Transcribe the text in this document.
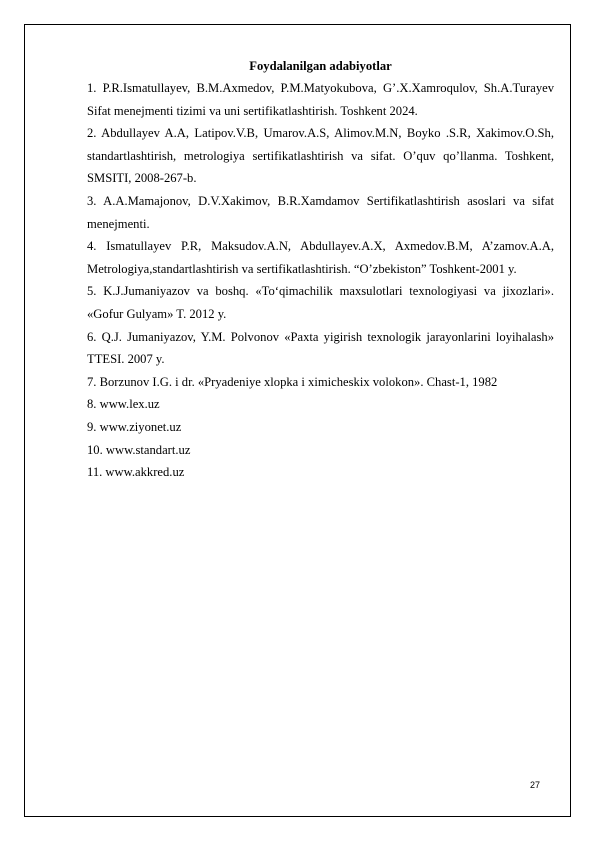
Foydalanilgan adabiyotlar

1. P.R.Ismatullayev, B.M.Axmedov, P.M.Matyokubova, G’.X.Xamroqulov, Sh.A.Turayev Sifat menejmenti tizimi va uni sertifikatlashtirish. Toshkent 2024.

2. Abdullayev A.A, Latipov.V.B, Umarov.A.S, Alimov.M.N, Boyko .S.R, Xakimov.O.Sh, standartlashtirish, metrologiya sertifikatlashtirish va sifat. O’quv qo’llanma. Toshkent, SMSITI, 2008-267-b.

3. A.A.Mamajonov, D.V.Xakimov, B.R.Xamdamov Sertifikatlashtirish asoslari va sifat menejmenti.

4. Ismatullayev P.R, Maksudov.A.N, Abdullayev.A.X, Axmedov.B.M, A’zamov.A.A, Metrologiya,standartlashtirish va sertifikatlashtirish. “O’zbekiston” Toshkent-2001 y.

5. K.J.Jumaniyazov va boshq. «To‘qimachilik maxsulotlari texnologiyasi va jixozlari». «Gofur Gulyam» T. 2012 y.

6. Q.J. Jumaniyazov, Y.M. Polvonov «Paxta yigirish texnologik jarayonlarini loyihalash» TTESI. 2007 y.

7. Borzunov I.G. i dr. «Pryadeniye xlopka i ximicheskix volokon». Chast-1, 1982

8. www.lex.uz

9. www.ziyonet.uz

10. www.standart.uz

11. www.akkred.uz

27
